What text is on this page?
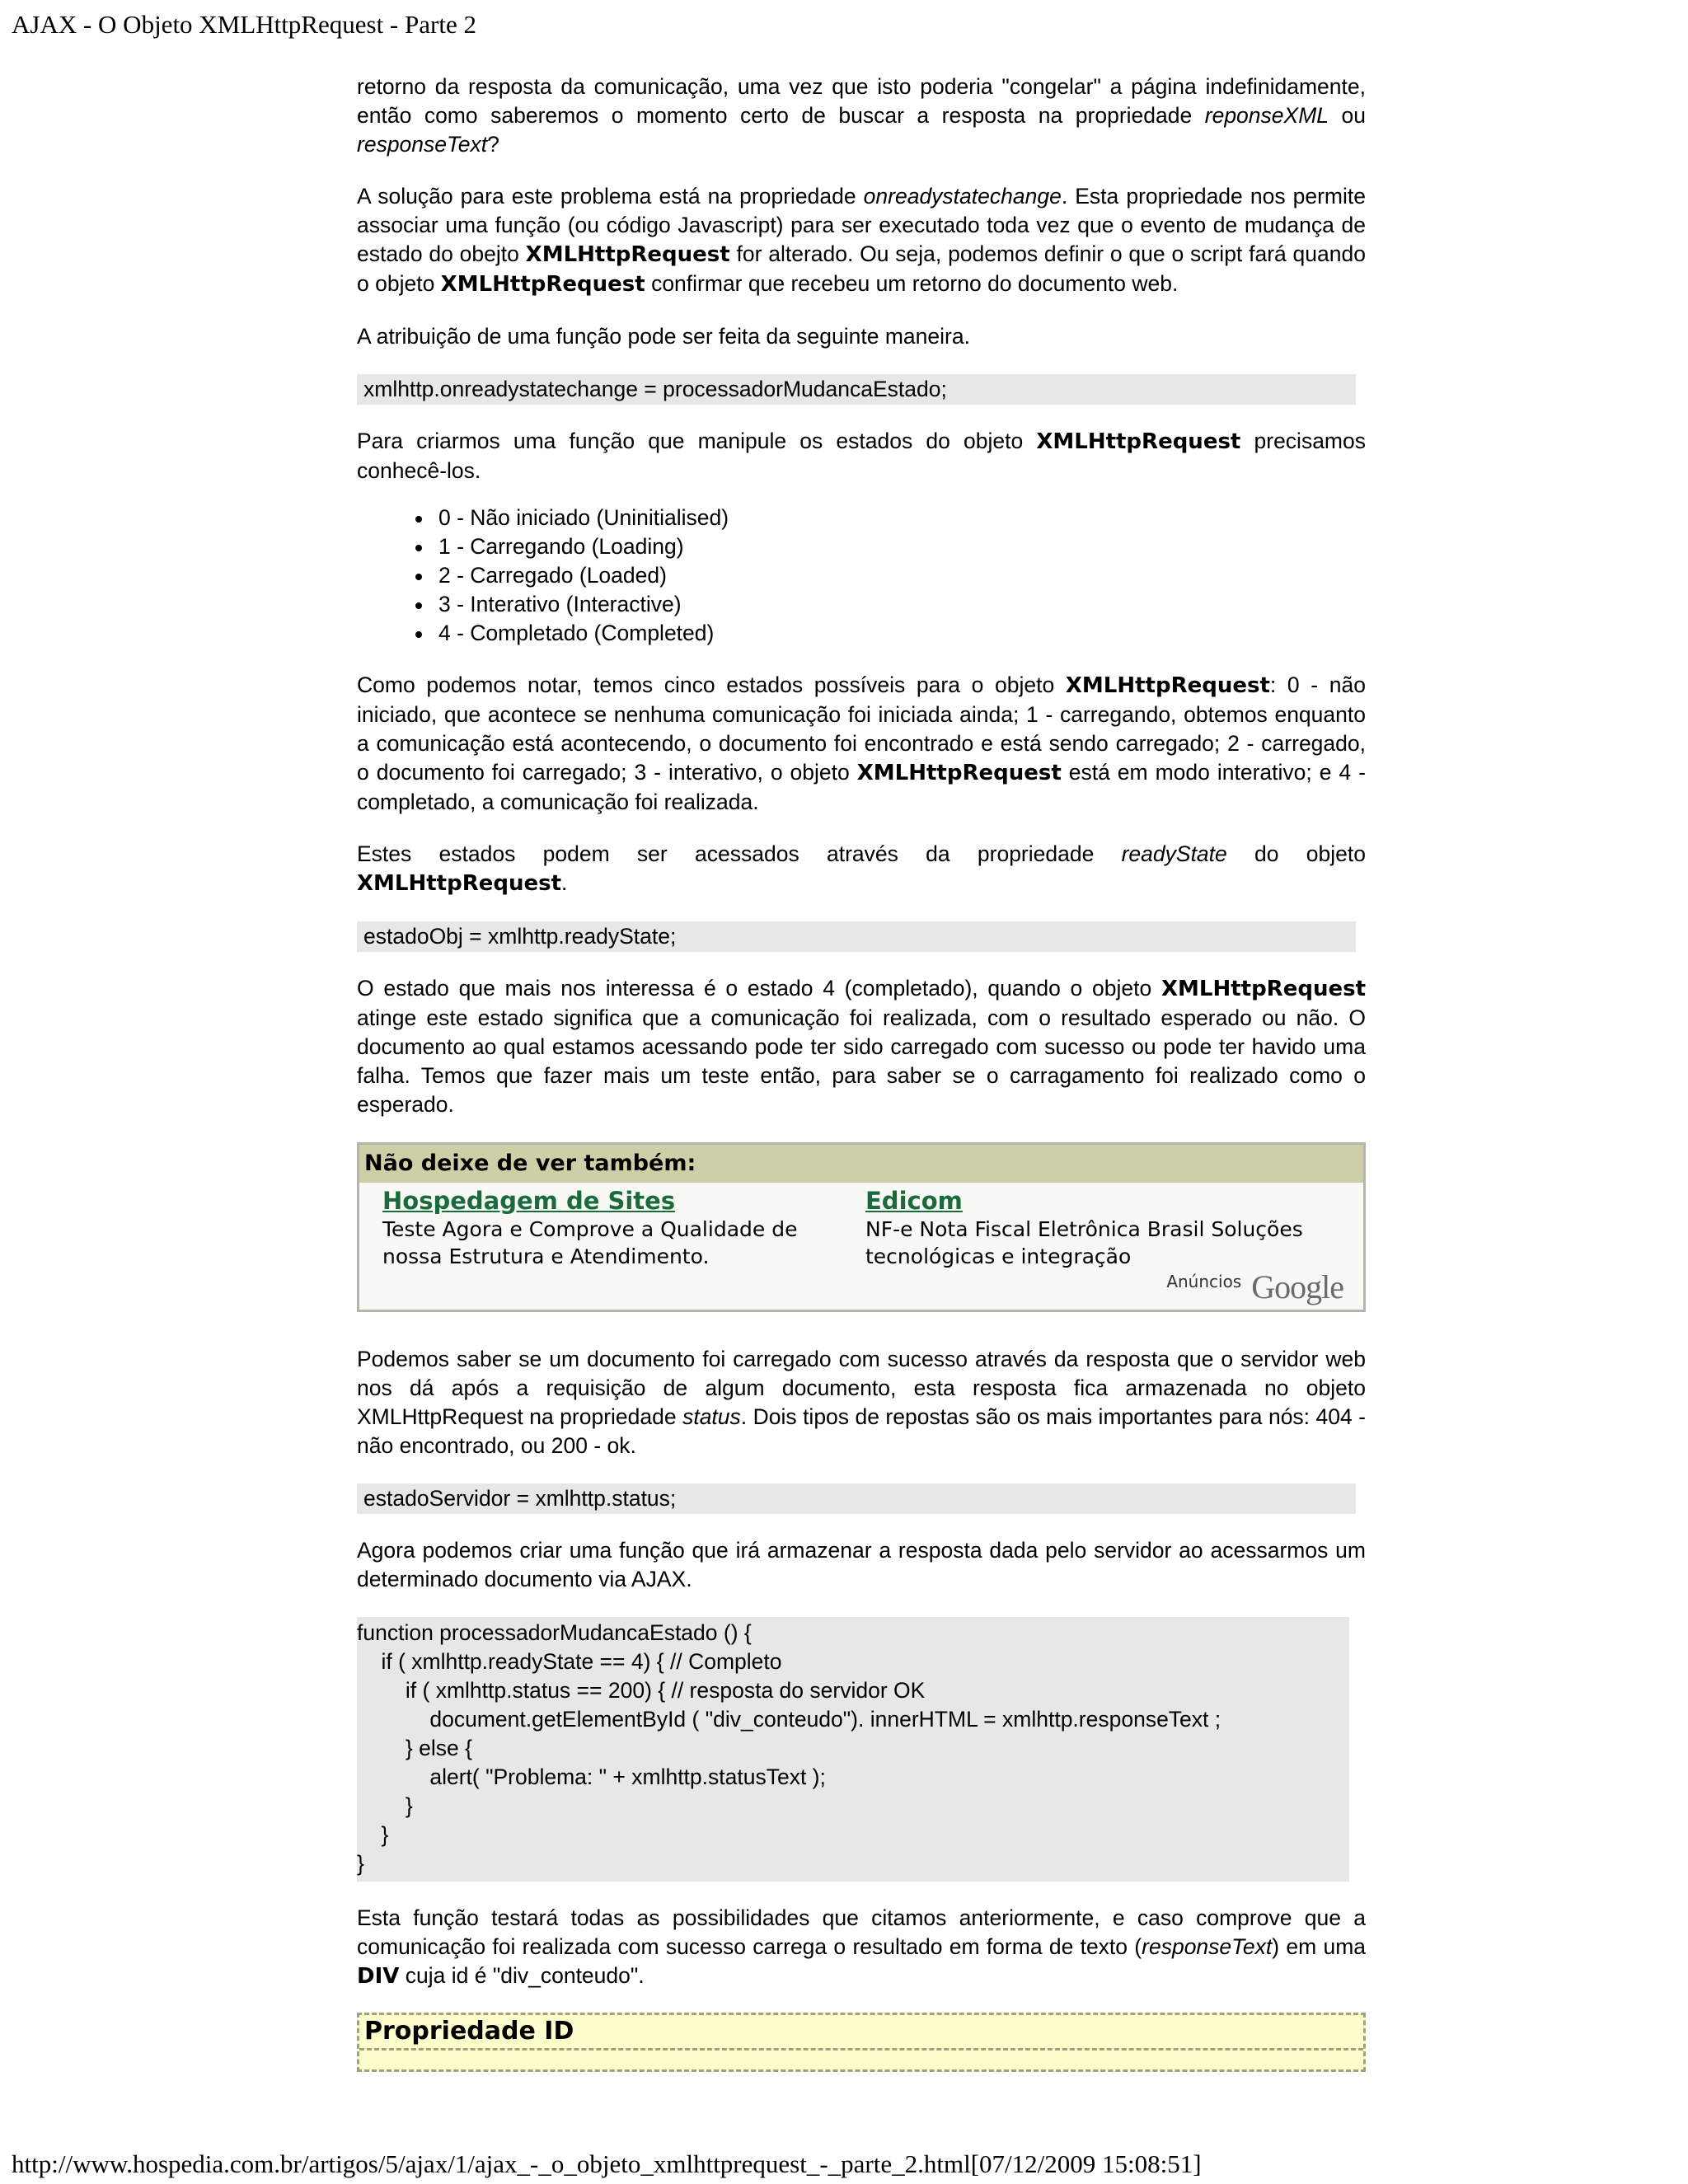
AJAX - O Objeto XMLHttpRequest - Parte 2

retorno da resposta da comunicação, uma vez que isto poderia "congelar" a página indefinidamente, então como saberemos o momento certo de buscar a resposta na propriedade reponseXML ou responseText?

A solução para este problema está na propriedade onreadystatechange. Esta propriedade nos permite associar uma função (ou código Javascript) para ser executado toda vez que o evento de mudança de estado do obejto XMLHttpRequest for alterado. Ou seja, podemos definir o que o script fará quando o objeto XMLHttpRequest confirmar que recebeu um retorno do documento web.

A atribuição de uma função pode ser feita da seguinte maneira.

xmlhttp.onreadystatechange = processadorMudancaEstado;

Para criarmos uma função que manipule os estados do objeto XMLHttpRequest precisamos conhecê-los.

0 - Não iniciado (Uninitialised)
1 - Carregando (Loading)
2 - Carregado (Loaded)
3 - Interativo (Interactive)
4 - Completado (Completed)

Como podemos notar, temos cinco estados possíveis para o objeto XMLHttpRequest: 0 - não iniciado, que acontece se nenhuma comunicação foi iniciada ainda; 1 - carregando, obtemos enquanto a comunicação está acontecendo, o documento foi encontrado e está sendo carregado; 2 - carregado, o documento foi carregado; 3 - interativo, o objeto XMLHttpRequest está em modo interativo; e 4 - completado, a comunicação foi realizada.

Estes estados podem ser acessados através da propriedade readyState do objeto XMLHttpRequest.

estadoObj = xmlhttp.readyState;

O estado que mais nos interessa é o estado 4 (completado), quando o objeto XMLHttpRequest atinge este estado significa que a comunicação foi realizada, com o resultado esperado ou não. O documento ao qual estamos acessando pode ter sido carregado com sucesso ou pode ter havido uma falha. Temos que fazer mais um teste então, para saber se o carragamento foi realizado como o esperado.

Não deixe de ver também:
Hospedagem de Sites
Teste Agora e Comprove a Qualidade de nossa Estrutura e Atendimento.
Edicom
NF-e Nota Fiscal Eletrônica Brasil Soluções tecnológicas e integração
Anúncios Google

Podemos saber se um documento foi carregado com sucesso através da resposta que o servidor web nos dá após a requisição de algum documento, esta resposta fica armazenada no objeto XMLHttpRequest na propriedade status. Dois tipos de repostas são os mais importantes para nós: 404 - não encontrado, ou 200 - ok.

estadoServidor = xmlhttp.status;

Agora podemos criar uma função que irá armazenar a resposta dada pelo servidor ao acessarmos um determinado documento via AJAX.

function processadorMudancaEstado () {
if ( xmlhttp.readyState == 4) { // Completo
if ( xmlhttp.status == 200) { // resposta do servidor OK
document.getElementById ( "div_conteudo"). innerHTML = xmlhttp.responseText ;
} else {
alert( "Problema: " + xmlhttp.statusText );
}
}
}

Esta função testará todas as possibilidades que citamos anteriormente, e caso comprove que a comunicação foi realizada com sucesso carrega o resultado em forma de texto (responseText) em uma DIV cuja id é "div_conteudo".

Propriedade ID
http://www.hospedia.com.br/artigos/5/ajax/1/ajax_-_o_objeto_xmlhttprequest_-_parte_2.html[07/12/2009 15:08:51]
